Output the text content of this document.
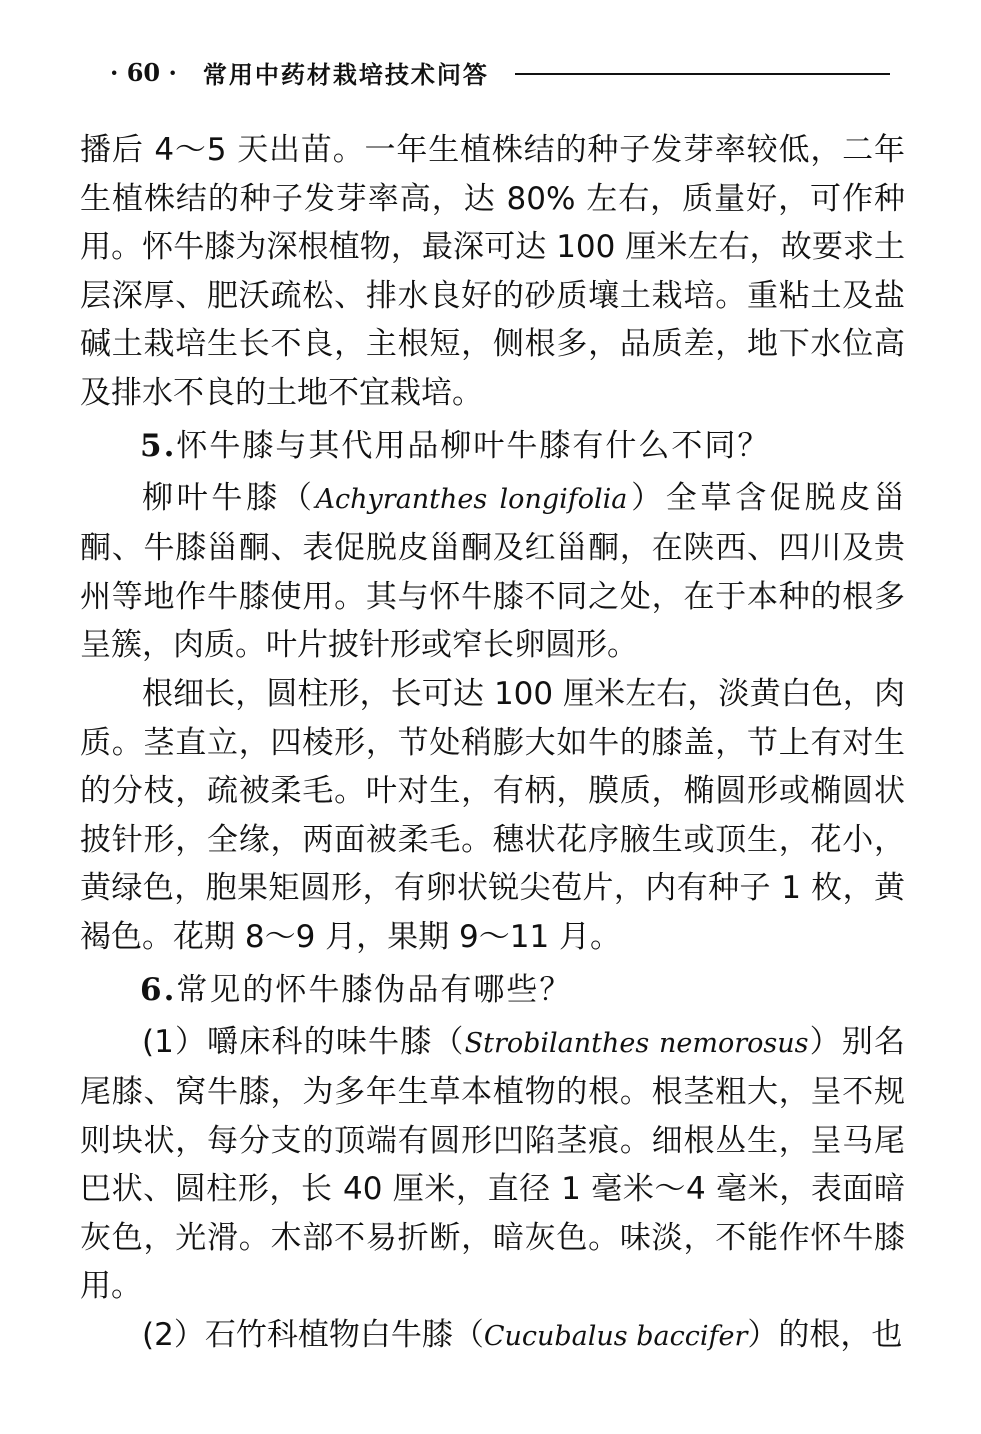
· 60 · 常用中药材栽培技术问答

播后 4～5 天出苗。一年生植株结的种子发芽率较低，二年生植株结的种子发芽率高，达 80% 左右，质量好，可作种用。怀牛膝为深根植物，最深可达 100 厘米左右，故要求土层深厚、肥沃疏松、排水良好的砂质壤土栽培。重粘土及盐碱土栽培生长不良，主根短，侧根多，品质差，地下水位高及排水不良的土地不宜栽培。

5.怀牛膝与其代用品柳叶牛膝有什么不同？

柳叶牛膝（Achyranthes longifolia）全草含促脱皮甾酮、牛膝甾酮、表促脱皮甾酮及红甾酮，在陕西、四川及贵州等地作牛膝使用。其与怀牛膝不同之处，在于本种的根多呈簇，肉质。叶片披针形或窄长卵圆形。

根细长，圆柱形，长可达 100 厘米左右，淡黄白色，肉质。茎直立，四棱形，节处稍膨大如牛的膝盖，节上有对生的分枝，疏被柔毛。叶对生，有柄，膜质，椭圆形或椭圆状披针形，全缘，两面被柔毛。穗状花序腋生或顶生，花小，黄绿色，胞果矩圆形，有卵状锐尖苞片，内有种子 1 枚，黄褐色。花期 8～9 月，果期 9～11 月。

6.常见的怀牛膝伪品有哪些？

(1）嚼床科的味牛膝（Strobilanthes nemorosus）别名尾膝、窝牛膝，为多年生草本植物的根。根茎粗大，呈不规则块状，每分支的顶端有圆形凹陷茎痕。细根丛生，呈马尾巴状、圆柱形，长 40 厘米，直径 1 毫米～4 毫米，表面暗灰色，光滑。木部不易折断，暗灰色。味淡，不能作怀牛膝用。

(2）石竹科植物白牛膝（Cucubalus baccifer）的根，也
